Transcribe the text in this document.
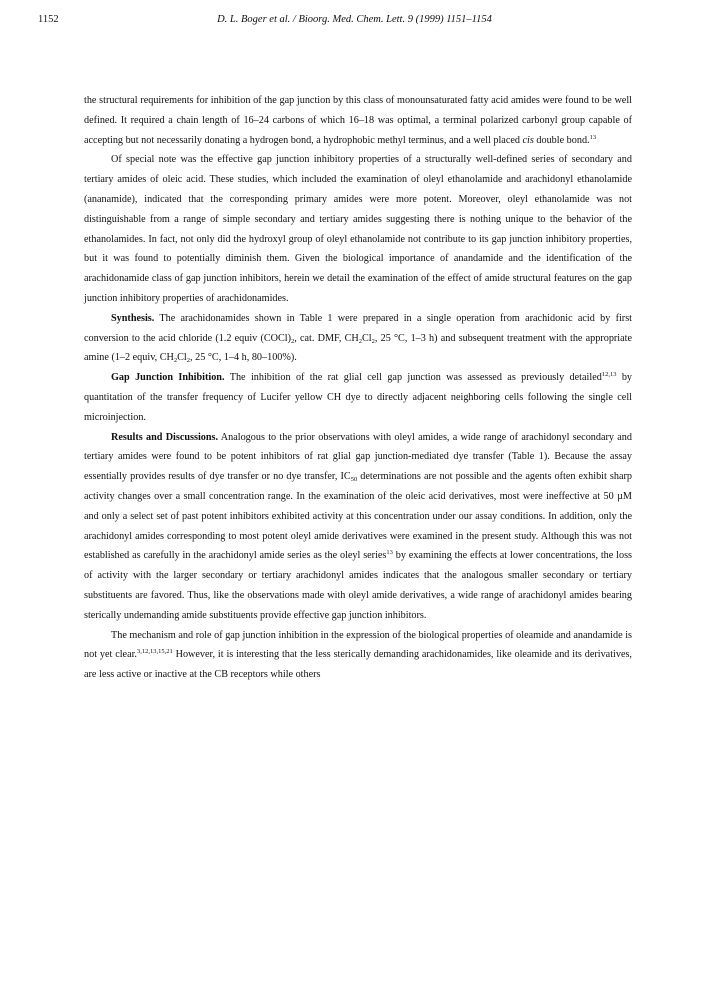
1152	D. L. Boger et al. / Bioorg. Med. Chem. Lett. 9 (1999) 1151–1154

the structural requirements for inhibition of the gap junction by this class of monounsaturated fatty acid amides were found to be well defined. It required a chain length of 16–24 carbons of which 16–18 was optimal, a terminal polarized carbonyl group capable of accepting but not necessarily donating a hydrogen bond, a hydrophobic methyl terminus, and a well placed cis double bond.$^{13}$

Of special note was the effective gap junction inhibitory properties of a structurally well-defined series of secondary and tertiary amides of oleic acid. These studies, which included the examination of oleyl ethanolamide and arachidonyl ethanolamide (ananamide), indicated that the corresponding primary amides were more potent. Moreover, oleyl ethanolamide was not distinguishable from a range of simple secondary and tertiary amides suggesting there is nothing unique to the behavior of the ethanolamides. In fact, not only did the hydroxyl group of oleyl ethanolamide not contribute to its gap junction inhibitory properties, but it was found to potentially diminish them. Given the biological importance of anandamide and the identification of the arachidonamide class of gap junction inhibitors, herein we detail the examination of the effect of amide structural features on the gap junction inhibitory properties of arachidonamides.

Synthesis. The arachidonamides shown in Table 1 were prepared in a single operation from arachidonic acid by first conversion to the acid chloride (1.2 equiv $(COCl)_2$, cat. DMF, $CH_2Cl_2$, 25 °C, 1–3 h) and subsequent treatment with the appropriate amine (1–2 equiv, $CH_2Cl_2$, 25 °C, 1–4 h, 80–100%).

Gap Junction Inhibition. The inhibition of the rat glial cell gap junction was assessed as previously detailed$^{12,13}$ by quantitation of the transfer frequency of Lucifer yellow CH dye to directly adjacent neighboring cells following the single cell microinjection.

Results and Discussions. Analogous to the prior observations with oleyl amides, a wide range of arachidonyl secondary and tertiary amides were found to be potent inhibitors of rat glial gap junction-mediated dye transfer (Table 1). Because the assay essentially provides results of dye transfer or no dye transfer, $IC_{50}$ determinations are not possible and the agents often exhibit sharp activity changes over a small concentration range. In the examination of the oleic acid derivatives, most were ineffective at 50 µM and only a select set of past potent inhibitors exhibited activity at this concentration under our assay conditions. In addition, only the arachidonyl amides corresponding to most potent oleyl amide derivatives were examined in the present study. Although this was not established as carefully in the arachidonyl amide series as the oleyl series$^{13}$ by examining the effects at lower concentrations, the loss of activity with the larger secondary or tertiary arachidonyl amides indicates that the analogous smaller secondary or tertiary substituents are favored. Thus, like the observations made with oleyl amide derivatives, a wide range of arachidonyl amides bearing sterically undemanding amide substituents provide effective gap junction inhibitors.

The mechanism and role of gap junction inhibition in the expression of the biological properties of oleamide and anandamide is not yet clear.$^{3,12,13,15,21}$ However, it is interesting that the less sterically demanding arachidonamides, like oleamide and its derivatives, are less active or inactive at the CB receptors while others
